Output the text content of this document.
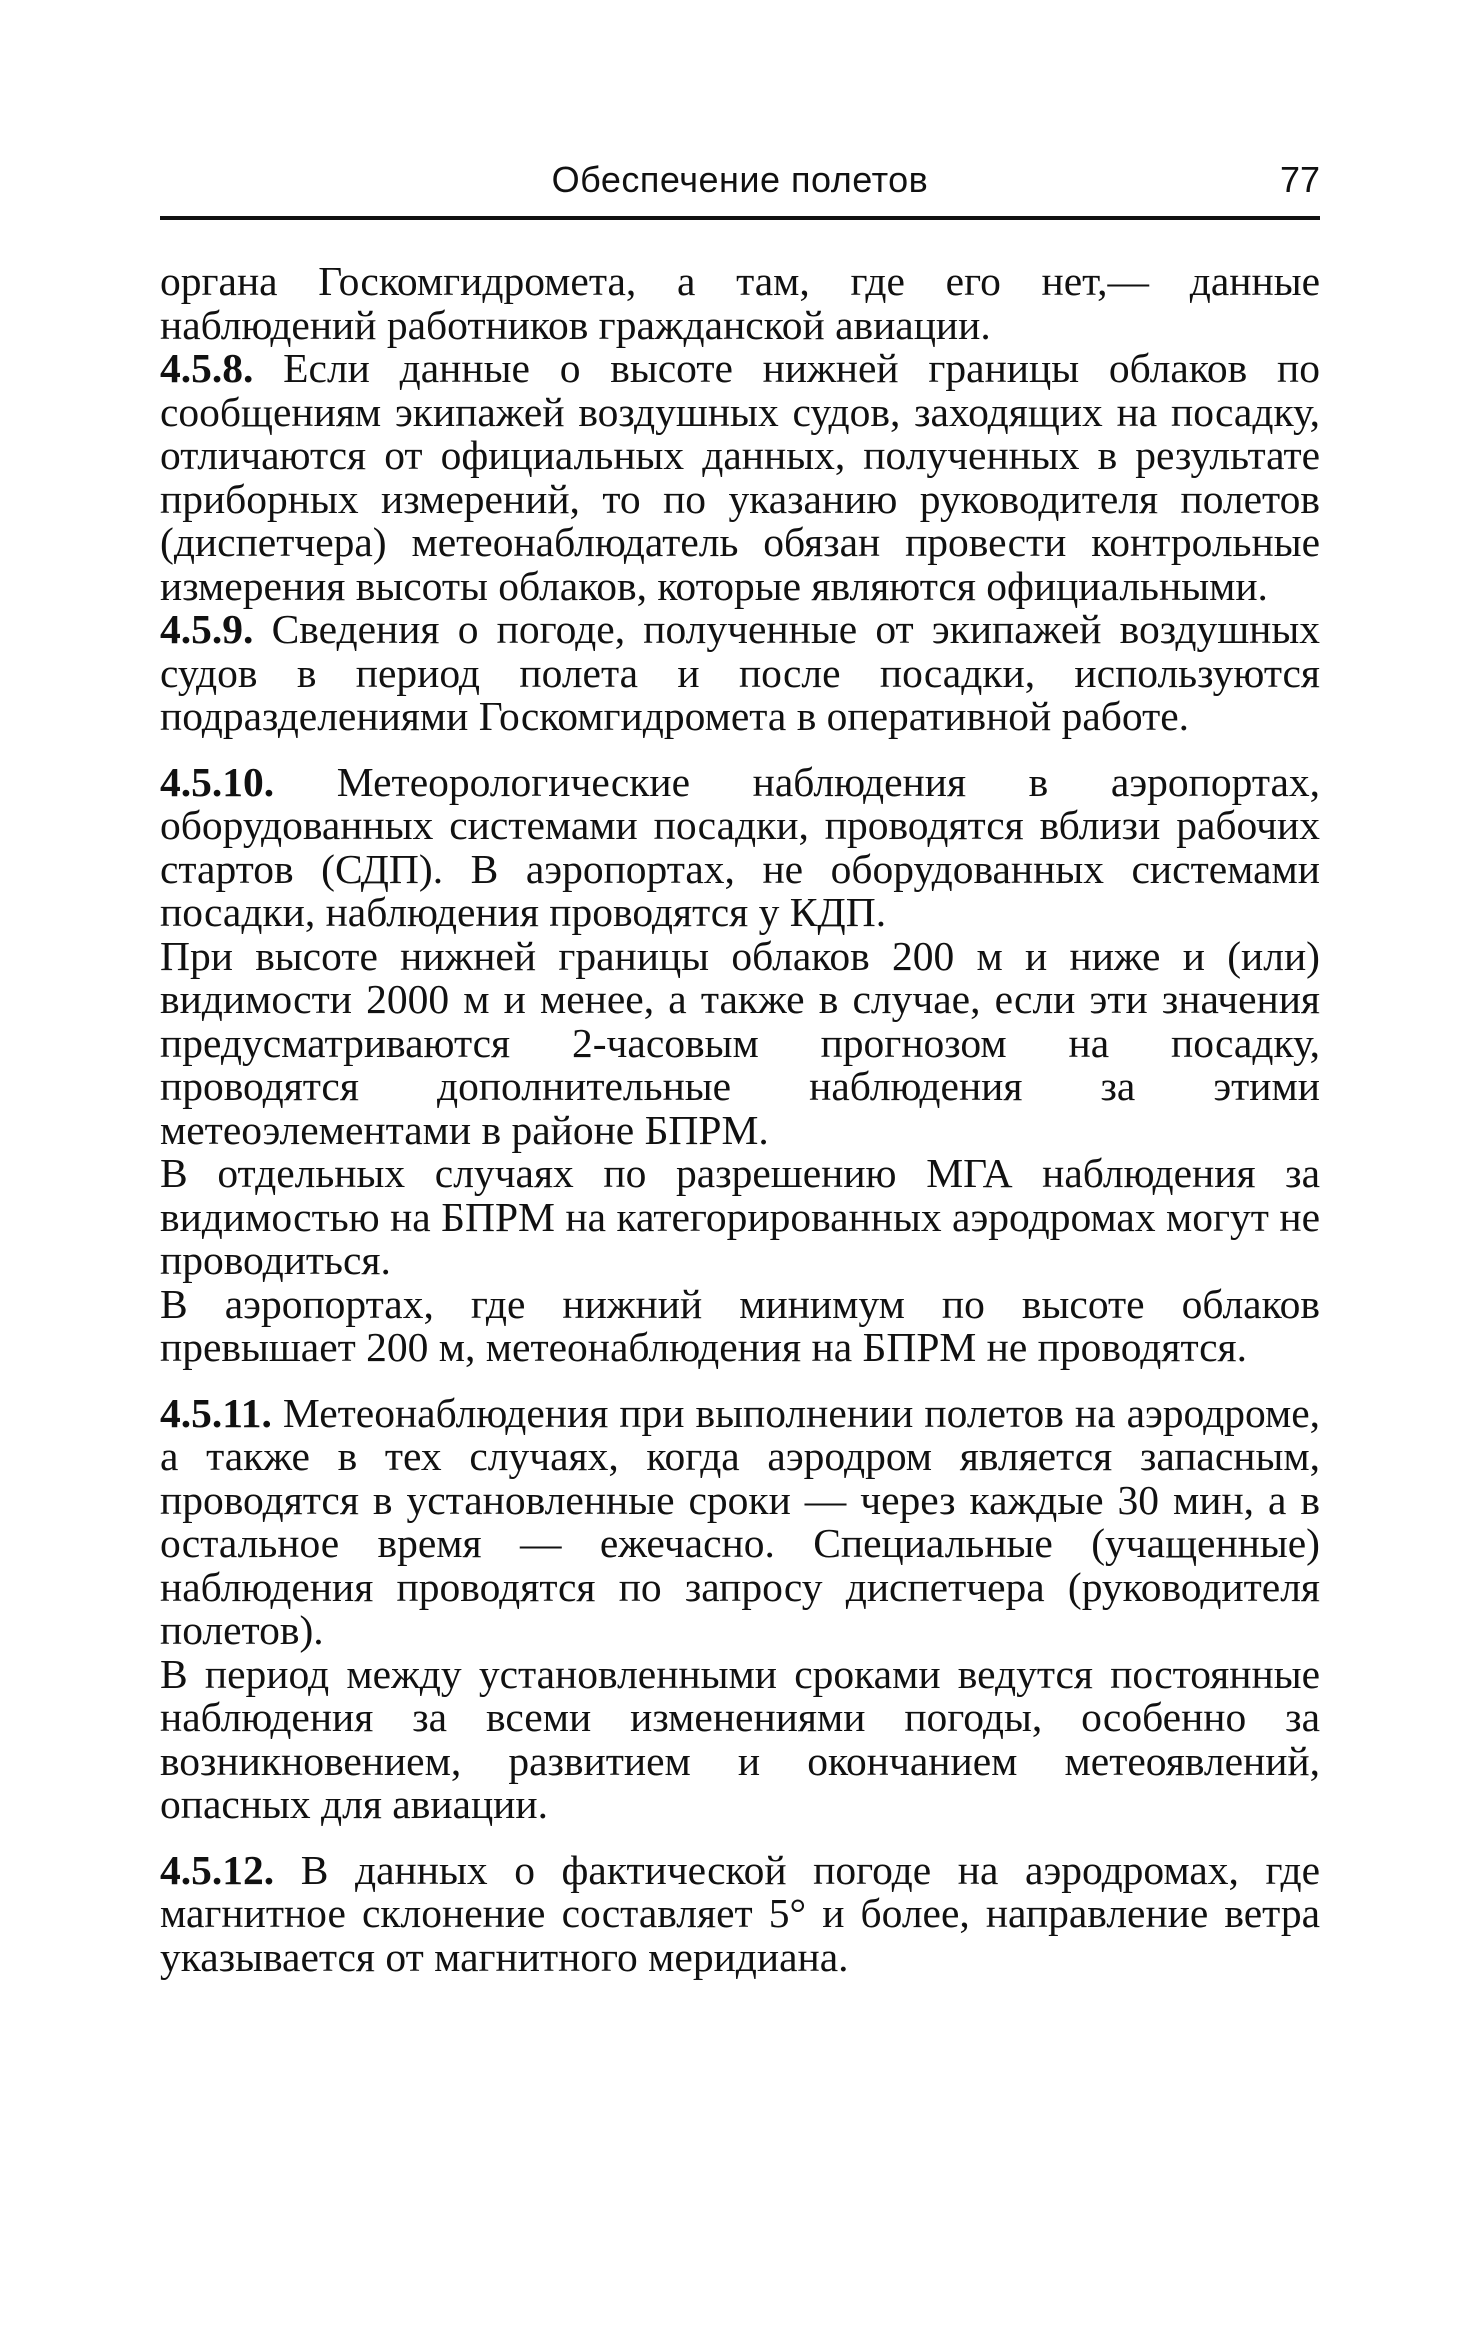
Обеспечение полетов	77

органа Госкомгидромета, а там, где его нет,— данные наблюдений работников гражданской авиации.

4.5.8. Если данные о высоте нижней границы облаков по сообщениям экипажей воздушных судов, заходящих на посадку, отличаются от официальных данных, полученных в результате приборных измерений, то по указанию руководителя полетов (диспетчера) метеонаблюдатель обязан провести контрольные измерения высоты облаков, которые являются официальными.

4.5.9. Сведения о погоде, полученные от экипажей воздушных судов в период полета и после посадки, используются подразделениями Госкомгидромета в оперативной работе.

4.5.10. Метеорологические наблюдения в аэропортах, оборудованных системами посадки, проводятся вблизи рабочих стартов (СДП). В аэропортах, не оборудованных системами посадки, наблюдения проводятся у КДП.

При высоте нижней границы облаков 200 м и ниже и (или) видимости 2000 м и менее, а также в случае, если эти значения предусматриваются 2-часовым прогнозом на посадку, проводятся дополнительные наблюдения за этими метеоэлементами в районе БПРМ.

В отдельных случаях по разрешению МГА наблюдения за видимостью на БПРМ на категорированных аэродромах могут не проводиться.

В аэропортах, где нижний минимум по высоте облаков превышает 200 м, метеонаблюдения на БПРМ не проводятся.

4.5.11. Метеонаблюдения при выполнении полетов на аэродроме, а также в тех случаях, когда аэродром является запасным, проводятся в установленные сроки — через каждые 30 мин, а в остальное время — ежечасно. Специальные (учащенные) наблюдения проводятся по запросу диспетчера (руководителя полетов).

В период между установленными сроками ведутся постоянные наблюдения за всеми изменениями погоды, особенно за возникновением, развитием и окончанием метеоявлений, опасных для авиации.

4.5.12. В данных о фактической погоде на аэродромах, где магнитное склонение составляет 5° и более, направление ветра указывается от магнитного меридиана.
